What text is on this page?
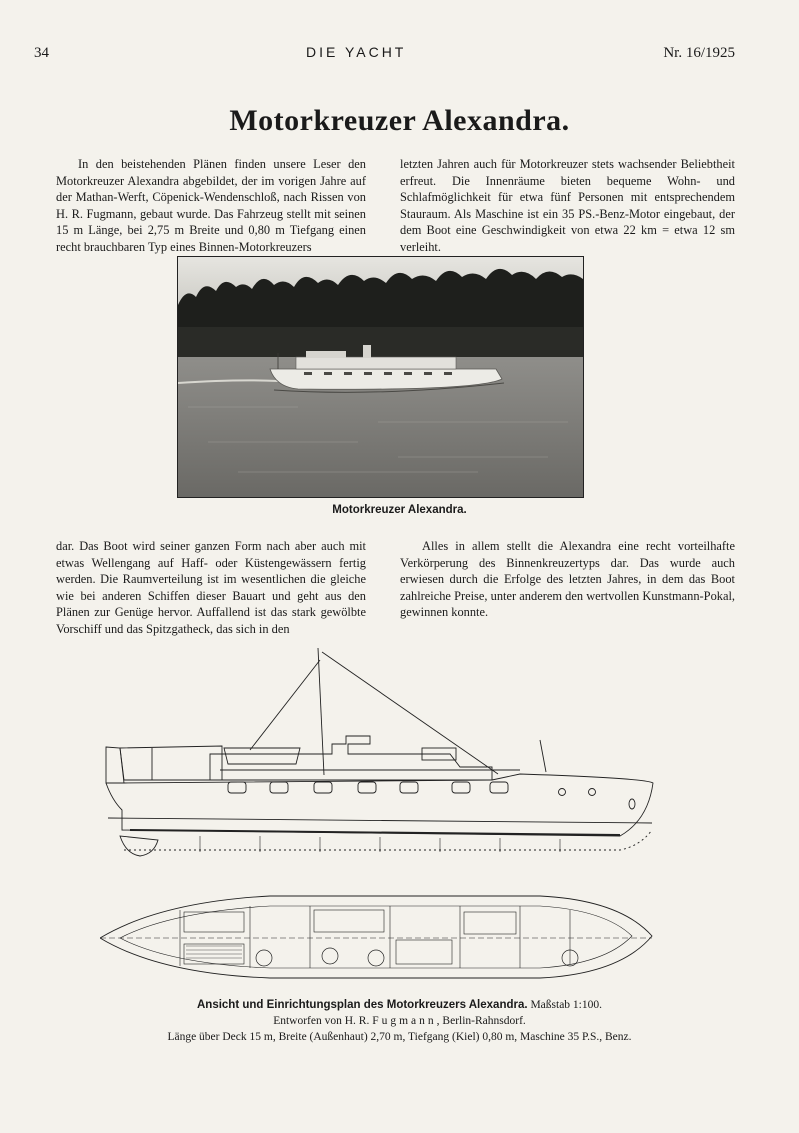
34	DIE YACHT	Nr. 16/1925
Motorkreuzer Alexandra.

In den beistehenden Plänen finden unsere Leser den Motorkreuzer Alexandra abgebildet, der im vorigen Jahre auf der Mathan-Werft, Cöpenick-Wendenschloß, nach Rissen von H. R. Fugmann, gebaut wurde. Das Fahrzeug stellt mit seinen 15 m Länge, bei 2,75 m Breite und 0,80 m Tiefgang einen recht brauchbaren Typ eines Binnen-Motorkreuzers

letzten Jahren auch für Motorkreuzer stets wachsender Beliebtheit erfreut. Die Innenräume bieten bequeme Wohn- und Schlafmöglichkeit für etwa fünf Personen mit entsprechendem Stauraum. Als Maschine ist ein 35 PS.-Benz-Motor eingebaut, der dem Boot eine Geschwindigkeit von etwa 22 km = etwa 12 sm verleiht.

Motorkreuzer Alexandra.

dar. Das Boot wird seiner ganzen Form nach aber auch mit etwas Wellengang auf Haff- oder Küstengewässern fertig werden. Die Raumverteilung ist im wesentlichen die gleiche wie bei anderen Schiffen dieser Bauart und geht aus den Plänen zur Genüge hervor. Auffallend ist das stark gewölbte Vorschiff und das Spitzgatheck, das sich in den

Alles in allem stellt die Alexandra eine recht vorteilhafte Verkörperung des Binnenkreuzertyps dar. Das wurde auch erwiesen durch die Erfolge des letzten Jahres, in dem das Boot zahlreiche Preise, unter anderem den wertvollen Kunstmann-Pokal, gewinnen konnte.

Ansicht und Einrichtungsplan des Motorkreuzers Alexandra. Maßstab 1:100.
Entworfen von H. R. Fugmann, Berlin-Rahnsdorf.
Länge über Deck 15 m, Breite (Außenhaut) 2,70 m, Tiefgang (Kiel) 0,80 m, Maschine 35 P.S., Benz.
